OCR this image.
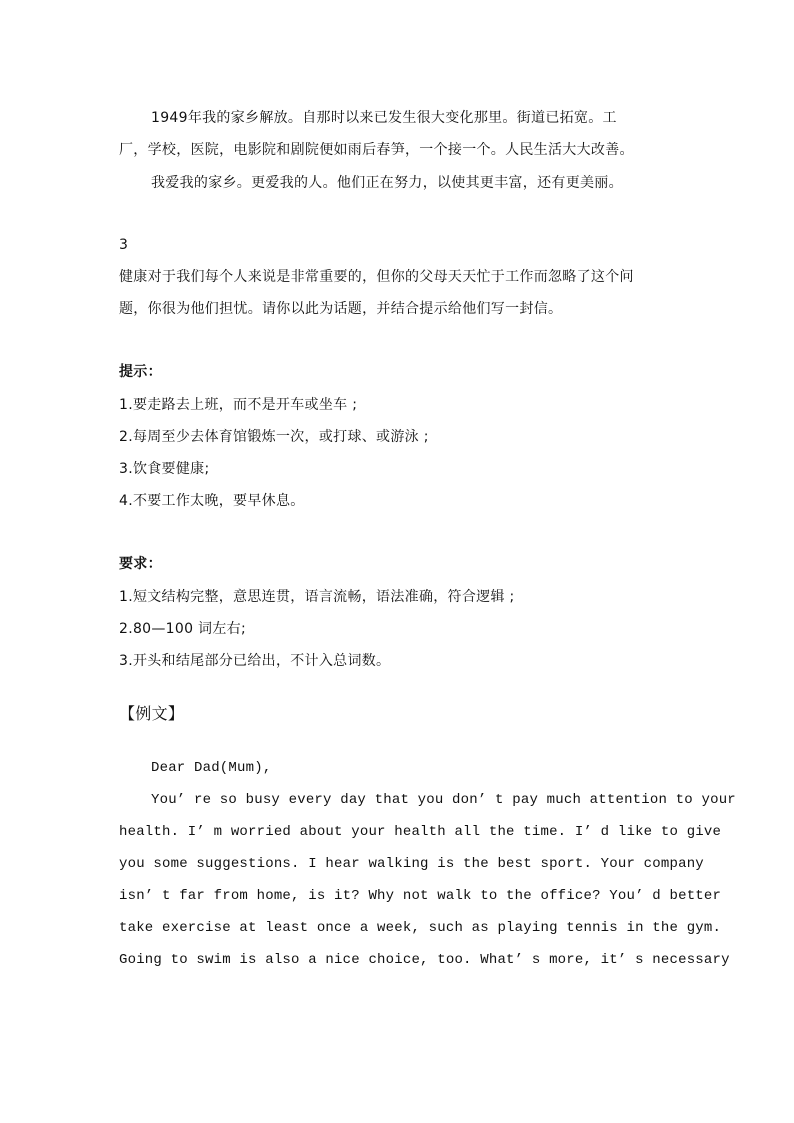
1949年我的家乡解放。自那时以来已发生很大变化那里。街道已拓宽。工
厂，学校，医院，电影院和剧院便如雨后春笋，一个接一个。人民生活大大改善。
我爱我的家乡。更爱我的人。他们正在努力，以使其更丰富，还有更美丽。
3
健康对于我们每个人来说是非常重要的，但你的父母天天忙于工作而忽略了这个问
题，你很为他们担忧。请你以此为话题，并结合提示给他们写一封信。
提示：
1.要走路去上班，而不是开车或坐车 ;
2.每周至少去体育馆锻炼一次，或打球、或游泳 ;
3.饮食要健康;
4.不要工作太晚，要早休息。
要求：
1.短文结构完整，意思连贯，语言流畅，语法准确，符合逻辑 ;
2.80—100 词左右;
3.开头和结尾部分已给出，不计入总词数。
【例文】
Dear Dad(Mum),
You’ re so busy every day that you don’ t pay much attention to your
health. I’ m worried about your health all the time. I’ d like to give
you some suggestions. I hear walking is the best sport. Your company
isn’ t far from home, is it? Why not walk to the office? You’ d better
take exercise at least once a week, such as playing tennis in the gym.
Going to swim is also a nice choice, too. What’ s more, it’ s necessary
